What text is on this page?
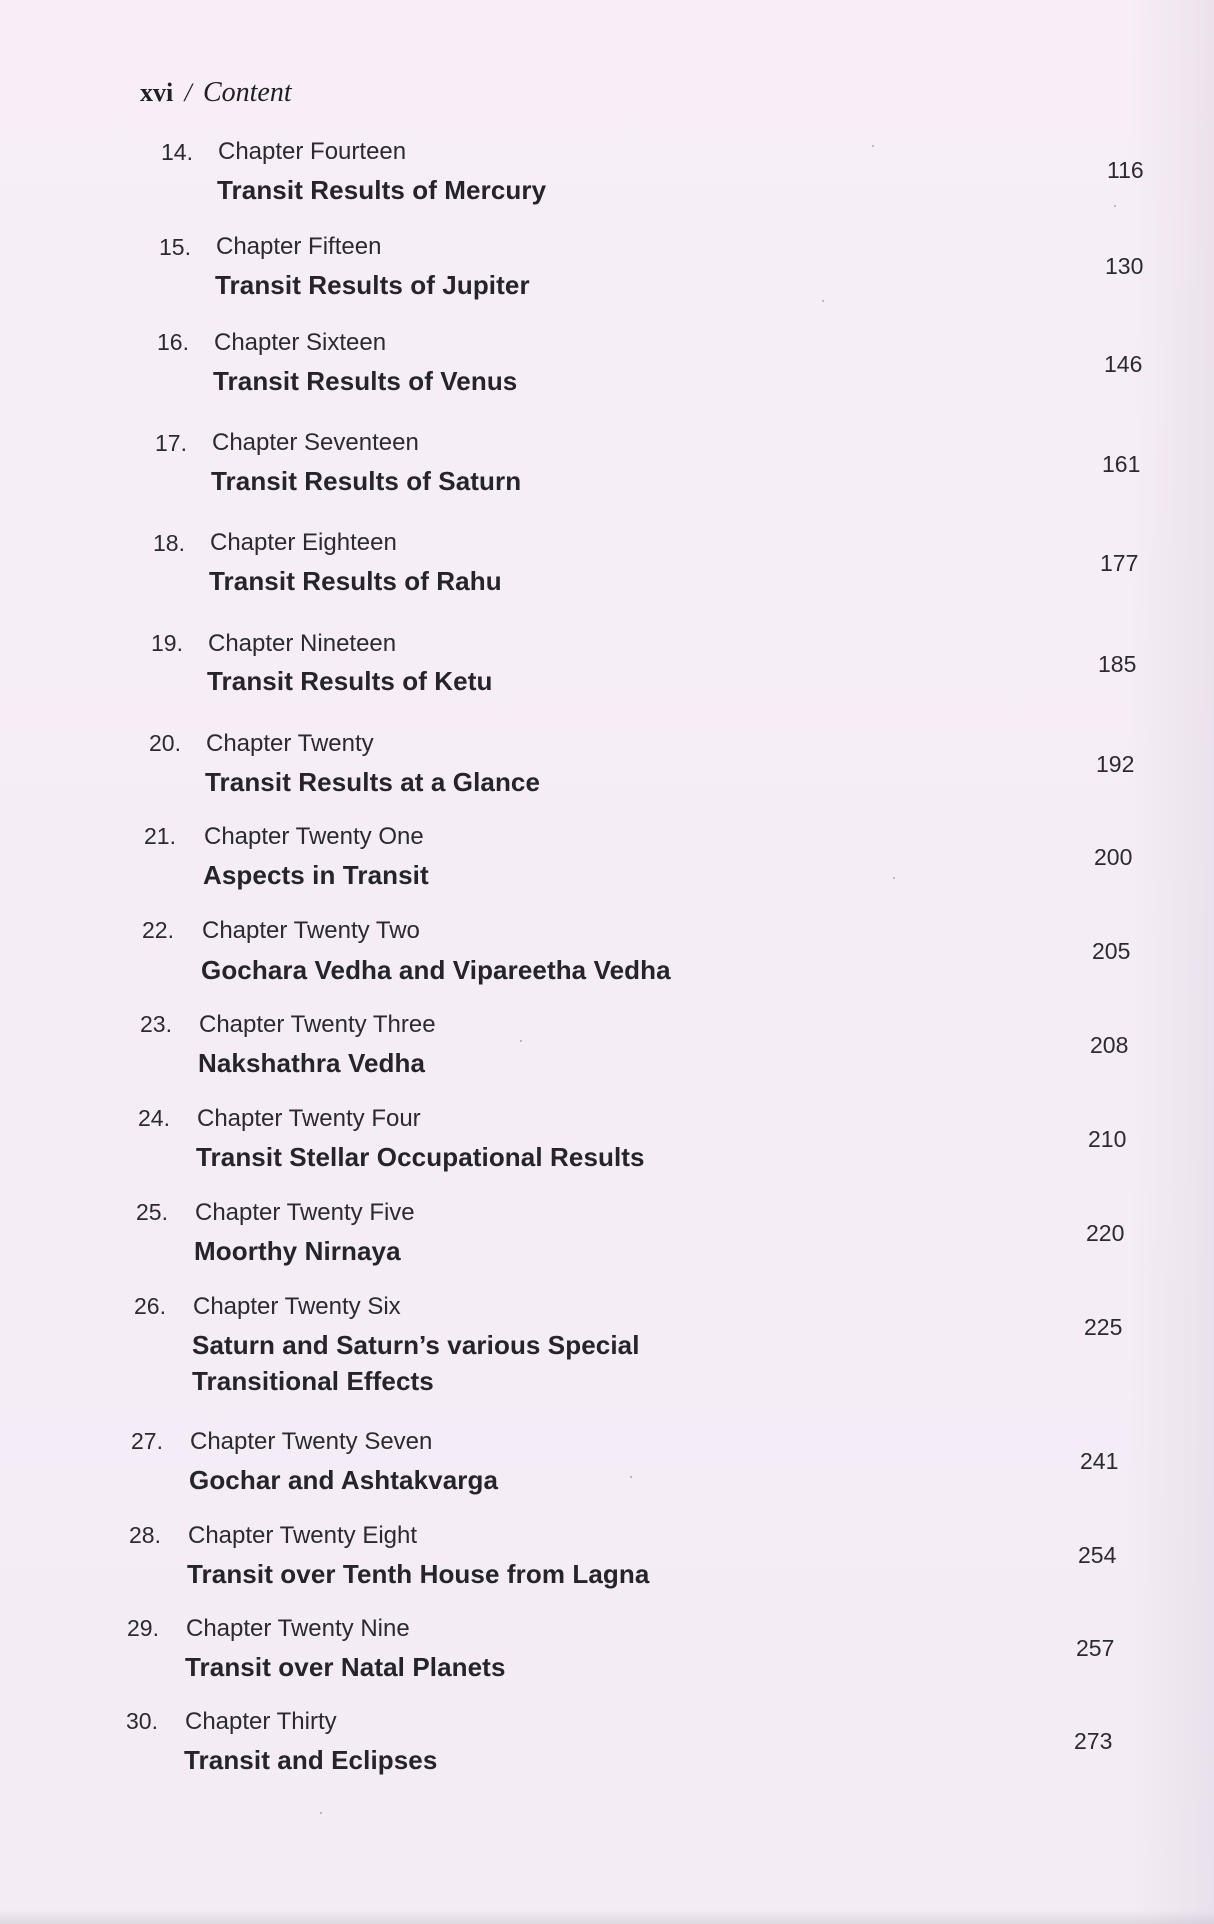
xvi / Content
14. Chapter Fourteen
Transit Results of Mercury
116
15. Chapter Fifteen
Transit Results of Jupiter
130
16. Chapter Sixteen
Transit Results of Venus
146
17. Chapter Seventeen
Transit Results of Saturn
161
18. Chapter Eighteen
Transit Results of Rahu
177
19. Chapter Nineteen
Transit Results of Ketu
185
20. Chapter Twenty
Transit Results at a Glance
192
21. Chapter Twenty One
Aspects in Transit
200
22. Chapter Twenty Two
Gochara Vedha and Vipareetha Vedha
205
23. Chapter Twenty Three
Nakshathra Vedha
208
24. Chapter Twenty Four
Transit Stellar Occupational Results
210
25. Chapter Twenty Five
Moorthy Nirnaya
220
26. Chapter Twenty Six
Saturn and Saturn’s various Special
Transitional Effects
225
27. Chapter Twenty Seven
Gochar and Ashtakvarga
241
28. Chapter Twenty Eight
Transit over Tenth House from Lagna
254
29. Chapter Twenty Nine
Transit over Natal Planets
257
30. Chapter Thirty
Transit and Eclipses
273
